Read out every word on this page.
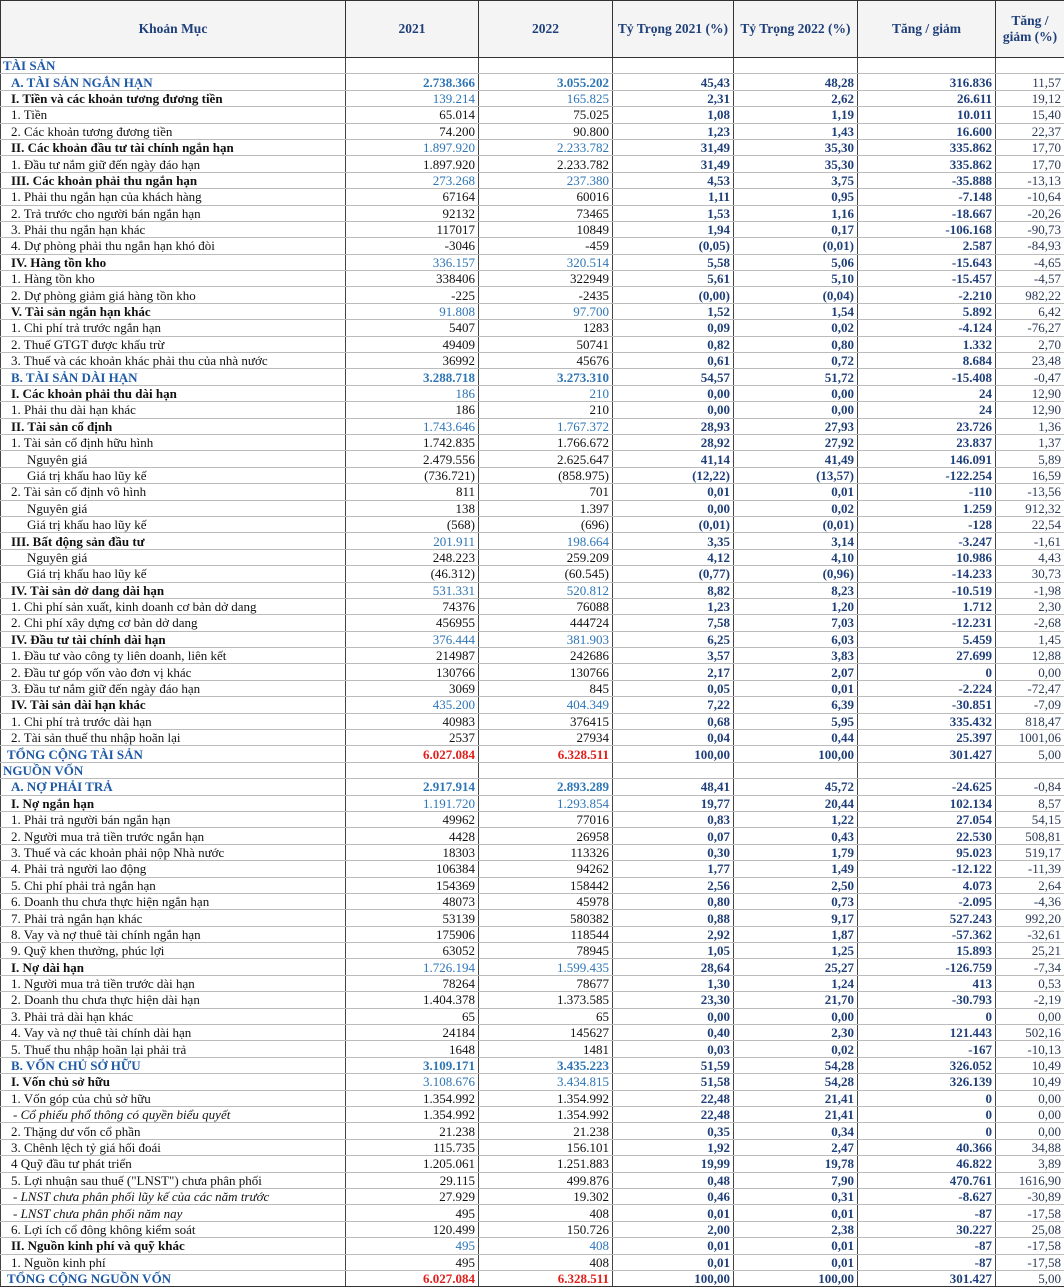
Khoản Mục	2021	2022	Tỷ Trọng 2021 (%)	Tỷ Trọng 2022 (%)	Tăng / giảm	Tăng / giảm (%)
TÀI SẢN						
A. TÀI SẢN NGẮN HẠN	2.738.366	3.055.202	45,43	48,28	316.836	11,57
I. Tiền và các khoản tương đương tiền	139.214	165.825	2,31	2,62	26.611	19,12
1. Tiền	65.014	75.025	1,08	1,19	10.011	15,40
2. Các khoản tương đương tiền	74.200	90.800	1,23	1,43	16.600	22,37
II. Các khoản đầu tư tài chính ngắn hạn	1.897.920	2.233.782	31,49	35,30	335.862	17,70
1. Đầu tư nắm giữ đến ngày đáo hạn	1.897.920	2.233.782	31,49	35,30	335.862	17,70
III. Các khoản phải thu ngắn hạn	273.268	237.380	4,53	3,75	-35.888	-13,13
1. Phải thu ngắn hạn của khách hàng	67164	60016	1,11	0,95	-7.148	-10,64
2. Trả trước cho người bán ngắn hạn	92132	73465	1,53	1,16	-18.667	-20,26
3. Phải thu ngắn hạn khác	117017	10849	1,94	0,17	-106.168	-90,73
4. Dự phòng phải thu ngắn hạn khó đòi	-3046	-459	(0,05)	(0,01)	2.587	-84,93
IV. Hàng tồn kho	336.157	320.514	5,58	5,06	-15.643	-4,65
1. Hàng tồn kho	338406	322949	5,61	5,10	-15.457	-4,57
2. Dự phòng giảm giá hàng tồn kho	-225	-2435	(0,00)	(0,04)	-2.210	982,22
V. Tài sản ngắn hạn khác	91.808	97.700	1,52	1,54	5.892	6,42
1. Chi phí trả trước ngắn hạn	5407	1283	0,09	0,02	-4.124	-76,27
2. Thuế GTGT được khấu trừ	49409	50741	0,82	0,80	1.332	2,70
3. Thuế và các khoản khác phải thu của nhà nước	36992	45676	0,61	0,72	8.684	23,48
B. TÀI SẢN DÀI HẠN	3.288.718	3.273.310	54,57	51,72	-15.408	-0,47
I. Các khoản phải thu dài hạn	186	210	0,00	0,00	24	12,90
1. Phải thu dài hạn khác	186	210	0,00	0,00	24	12,90
II. Tài sản cố định	1.743.646	1.767.372	28,93	27,93	23.726	1,36
1. Tài sản cố định hữu hình	1.742.835	1.766.672	28,92	27,92	23.837	1,37
Nguyên giá	2.479.556	2.625.647	41,14	41,49	146.091	5,89
Giá trị khấu hao lũy kế	(736.721)	(858.975)	(12,22)	(13,57)	-122.254	16,59
2. Tài sản cố định vô hình	811	701	0,01	0,01	-110	-13,56
Nguyên giá	138	1.397	0,00	0,02	1.259	912,32
Giá trị khấu hao lũy kế	(568)	(696)	(0,01)	(0,01)	-128	22,54
III. Bất động sản đầu tư	201.911	198.664	3,35	3,14	-3.247	-1,61
Nguyên giá	248.223	259.209	4,12	4,10	10.986	4,43
Giá trị khấu hao lũy kế	(46.312)	(60.545)	(0,77)	(0,96)	-14.233	30,73
IV. Tài sản dở dang dài hạn	531.331	520.812	8,82	8,23	-10.519	-1,98
1. Chi phí sản xuất, kinh doanh cơ bản dở dang	74376	76088	1,23	1,20	1.712	2,30
2. Chi phí xây dựng cơ bản dở dang	456955	444724	7,58	7,03	-12.231	-2,68
IV. Đầu tư tài chính dài hạn	376.444	381.903	6,25	6,03	5.459	1,45
1. Đầu tư vào công ty liên doanh, liên kết	214987	242686	3,57	3,83	27.699	12,88
2. Đầu tư góp vốn vào đơn vị khác	130766	130766	2,17	2,07	0	0,00
3. Đầu tư nắm giữ đến ngày đáo hạn	3069	845	0,05	0,01	-2.224	-72,47
IV. Tài sản dài hạn khác	435.200	404.349	7,22	6,39	-30.851	-7,09
1. Chi phí trả trước dài hạn	40983	376415	0,68	5,95	335.432	818,47
2. Tài sản thuế thu nhập hoãn lại	2537	27934	0,04	0,44	25.397	1001,06
TỔNG CỘNG TÀI SẢN	6.027.084	6.328.511	100,00	100,00	301.427	5,00
NGUỒN VỐN						
A. NỢ PHẢI TRẢ	2.917.914	2.893.289	48,41	45,72	-24.625	-0,84
I. Nợ ngắn hạn	1.191.720	1.293.854	19,77	20,44	102.134	8,57
1. Phải trả người bán ngắn hạn	49962	77016	0,83	1,22	27.054	54,15
2. Người mua trả tiền trước ngắn hạn	4428	26958	0,07	0,43	22.530	508,81
3. Thuế và các khoản phải nộp Nhà nước	18303	113326	0,30	1,79	95.023	519,17
4. Phải trả người lao động	106384	94262	1,77	1,49	-12.122	-11,39
5. Chi phí phải trả ngắn hạn	154369	158442	2,56	2,50	4.073	2,64
6. Doanh thu chưa thực hiện ngắn hạn	48073	45978	0,80	0,73	-2.095	-4,36
7. Phải trả ngắn hạn khác	53139	580382	0,88	9,17	527.243	992,20
8. Vay và nợ thuê tài chính ngắn hạn	175906	118544	2,92	1,87	-57.362	-32,61
9. Quỹ khen thưởng, phúc lợi	63052	78945	1,05	1,25	15.893	25,21
I. Nợ dài hạn	1.726.194	1.599.435	28,64	25,27	-126.759	-7,34
1. Người mua trả tiền trước dài hạn	78264	78677	1,30	1,24	413	0,53
2. Doanh thu chưa thực hiện dài hạn	1.404.378	1.373.585	23,30	21,70	-30.793	-2,19
3. Phải trả dài hạn khác	65	65	0,00	0,00	0	0,00
4. Vay và nợ thuê tài chính dài hạn	24184	145627	0,40	2,30	121.443	502,16
5. Thuế thu nhập hoãn lại phải trả	1648	1481	0,03	0,02	-167	-10,13
B. VỐN CHỦ SỞ HỮU	3.109.171	3.435.223	51,59	54,28	326.052	10,49
I. Vốn chủ sở hữu	3.108.676	3.434.815	51,58	54,28	326.139	10,49
1. Vốn góp của chủ sở hữu	1.354.992	1.354.992	22,48	21,41	0	0,00
- Cổ phiếu phổ thông có quyền biểu quyết	1.354.992	1.354.992	22,48	21,41	0	0,00
2. Thặng dư vốn cổ phần	21.238	21.238	0,35	0,34	0	0,00
3. Chênh lệch tỷ giá hối đoái	115.735	156.101	1,92	2,47	40.366	34,88
4 Quỹ đầu tư phát triển	1.205.061	1.251.883	19,99	19,78	46.822	3,89
5. Lợi nhuận sau thuế ("LNST") chưa phân phối	29.115	499.876	0,48	7,90	470.761	1616,90
- LNST chưa phân phối lũy kế của các năm trước	27.929	19.302	0,46	0,31	-8.627	-30,89
- LNST chưa phân phối năm nay	495	408	0,01	0,01	-87	-17,58
6. Lợi ích cổ đông không kiểm soát	120.499	150.726	2,00	2,38	30.227	25,08
II. Nguồn kinh phí và quỹ khác	495	408	0,01	0,01	-87	-17,58
1. Nguồn kinh phí	495	408	0,01	0,01	-87	-17,58
TỔNG CỘNG NGUỒN VỐN	6.027.084	6.328.511	100,00	100,00	301.427	5,00
